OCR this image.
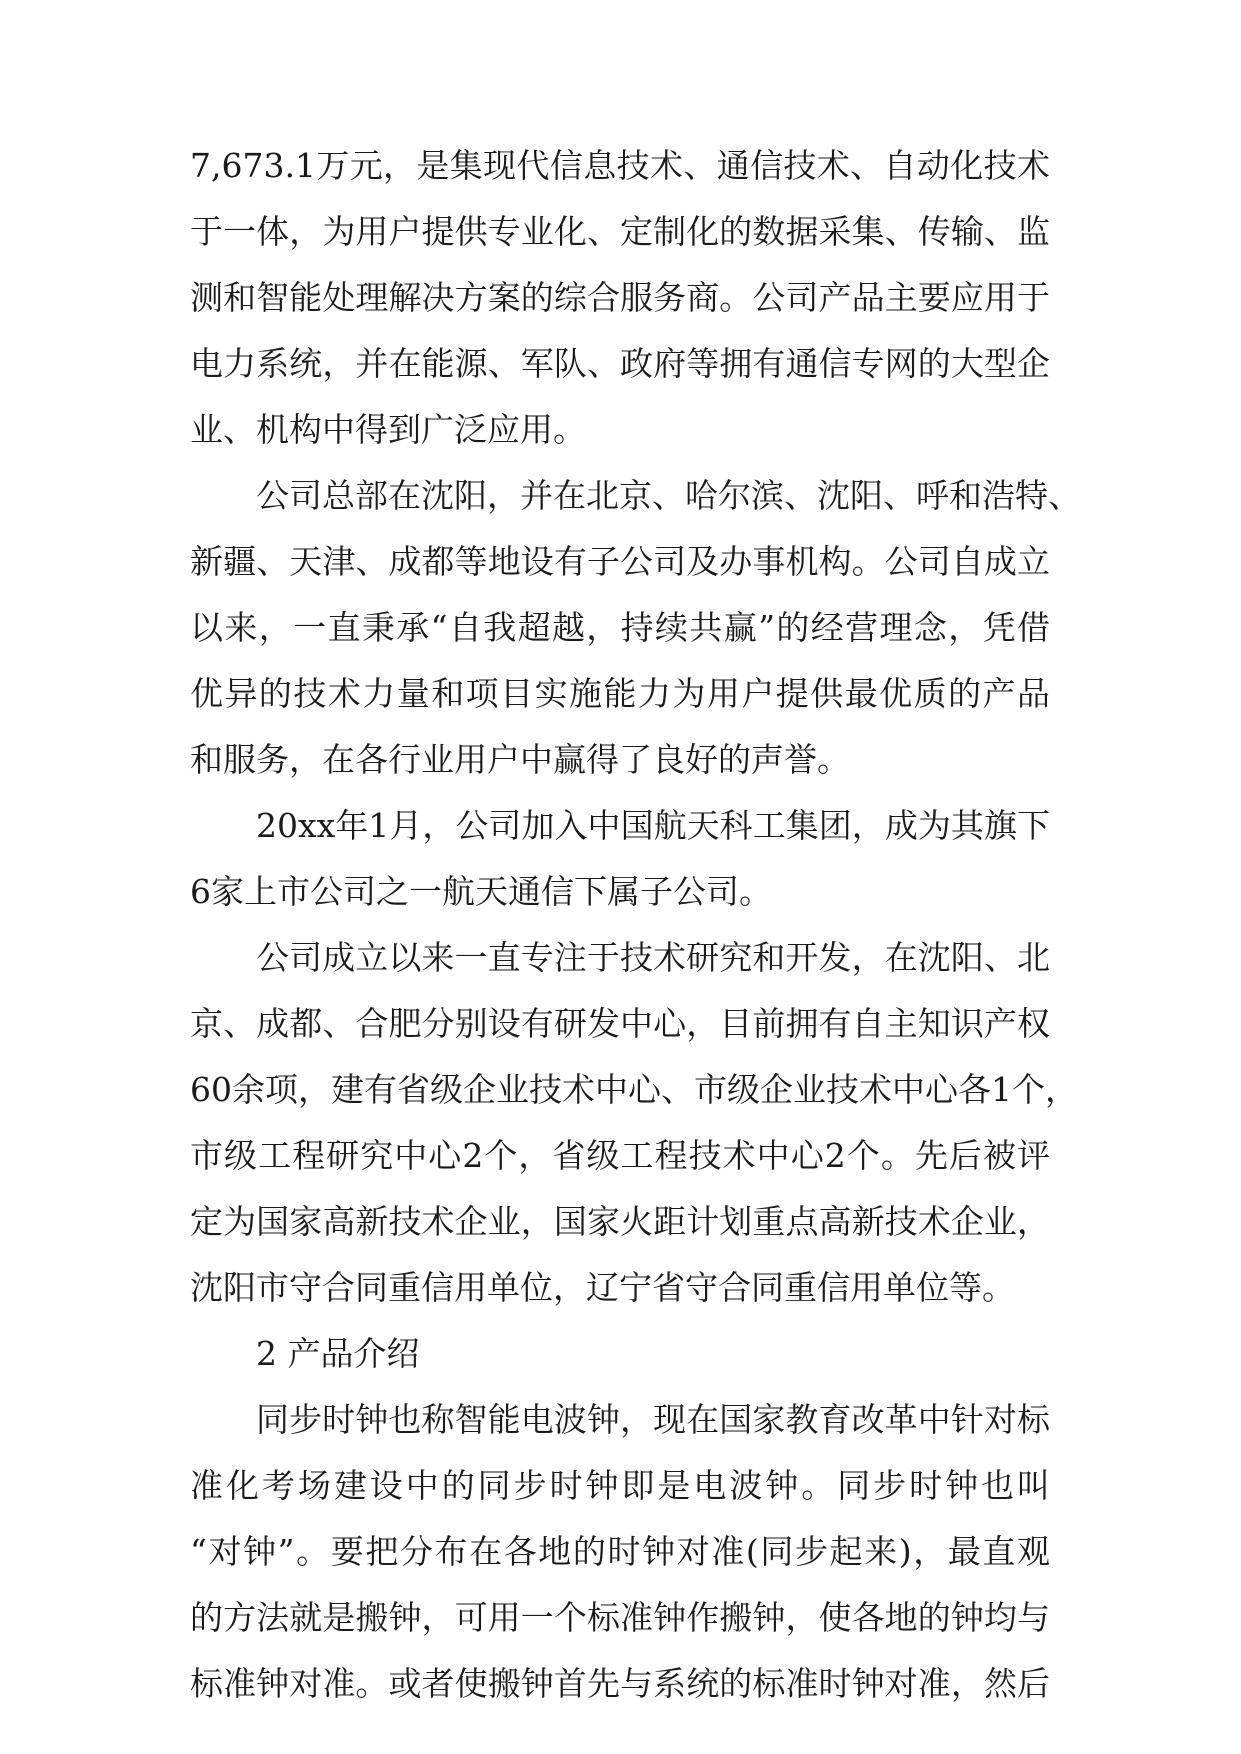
7,673.1万元，是集现代信息技术、通信技术、自动化技术
于一体，为用户提供专业化、定制化的数据采集、传输、监
测和智能处理解决方案的综合服务商。公司产品主要应用于
电力系统，并在能源、军队、政府等拥有通信专网的大型企
业、机构中得到广泛应用。
公司总部在沈阳，并在北京、哈尔滨、沈阳、呼和浩特、
新疆、天津、成都等地设有子公司及办事机构。公司自成立
以来，一直秉承“自我超越，持续共赢”的经营理念，凭借
优异的技术力量和项目实施能力为用户提供最优质的产品
和服务，在各行业用户中赢得了良好的声誉。
20xx年1月，公司加入中国航天科工集团，成为其旗下
6家上市公司之一航天通信下属子公司。
公司成立以来一直专注于技术研究和开发，在沈阳、北
京、成都、合肥分别设有研发中心，目前拥有自主知识产权
60余项，建有省级企业技术中心、市级企业技术中心各1个，
市级工程研究中心2个，省级工程技术中心2个。先后被评
定为国家高新技术企业，国家火距计划重点高新技术企业，
沈阳市守合同重信用单位，辽宁省守合同重信用单位等。
2 产品介绍
同步时钟也称智能电波钟，现在国家教育改革中针对标
准化考场建设中的同步时钟即是电波钟。同步时钟也叫
“对钟”。要把分布在各地的时钟对准(同步起来)，最直观
的方法就是搬钟，可用一个标准钟作搬钟，使各地的钟均与
标准钟对准。或者使搬钟首先与系统的标准时钟对准，然后
